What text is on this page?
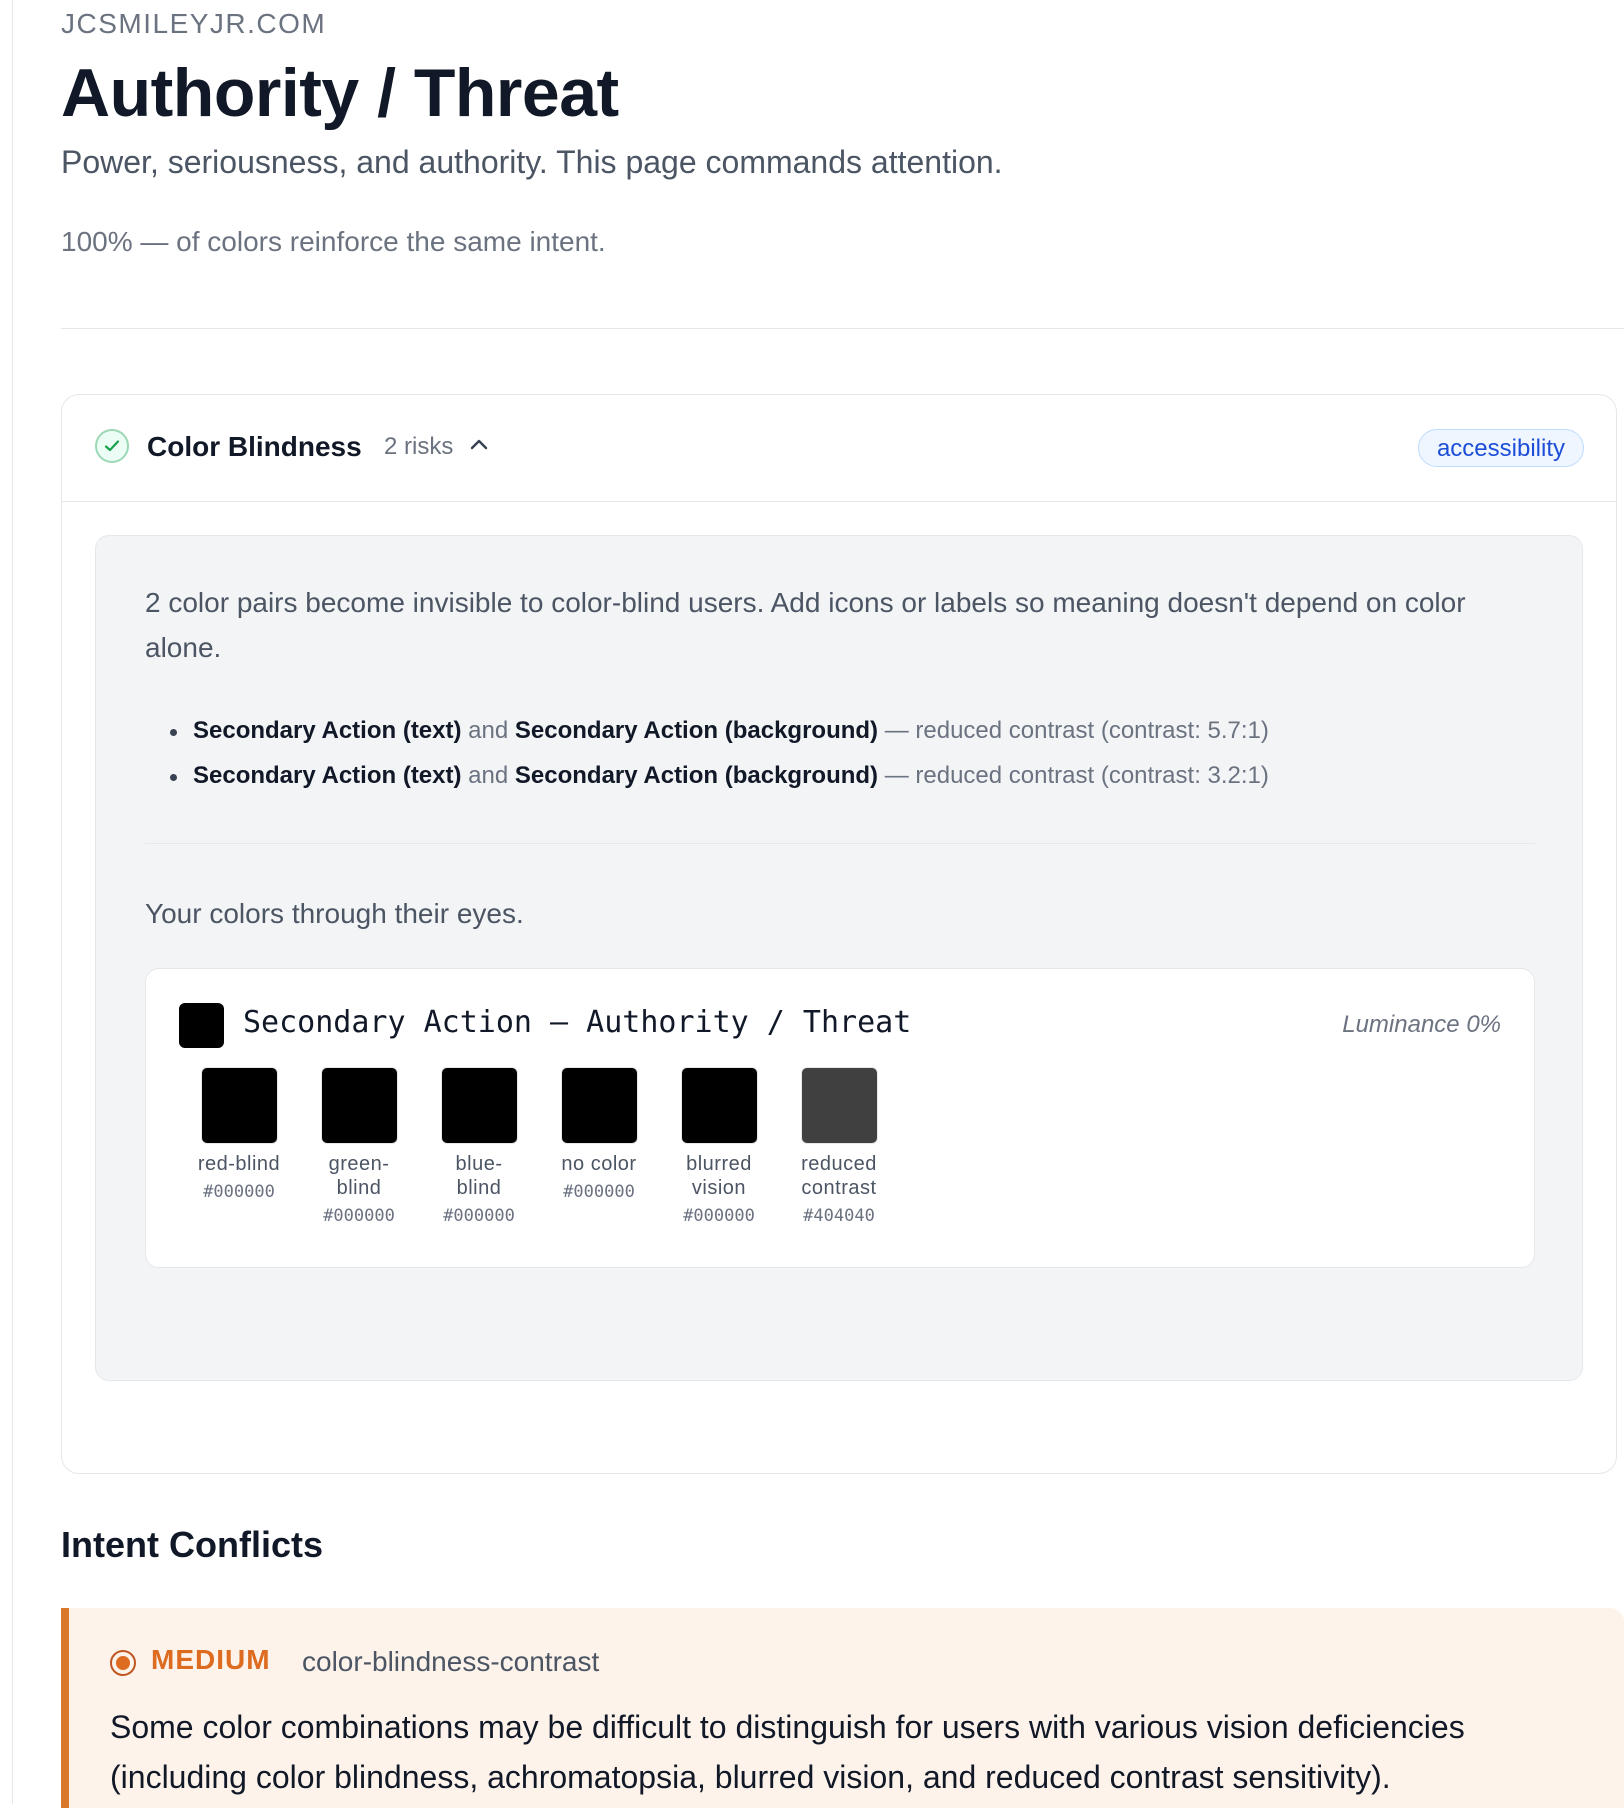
JCSMILEYJR.COM
Authority / Threat
Power, seriousness, and authority. This page commands attention.
100% — of colors reinforce the same intent.
Color Blindness 2 risks	accessibility
2 color pairs become invisible to color-blind users. Add icons or labels so meaning doesn't depend on color alone.
Secondary Action (text) and Secondary Action (background) — reduced contrast (contrast: 5.7:1)
Secondary Action (text) and Secondary Action (background) — reduced contrast (contrast: 3.2:1)
Your colors through their eyes.
Secondary Action — Authority / Threat	Luminance 0%
red-blind

#000000
green-
blind
#000000
blue-
blind
#000000
no color

#000000
blurred
vision
#000000
reduced
contrast
#404040
Intent Conflicts
MEDIUM color-blindness-contrast
Some color combinations may be difficult to distinguish for users with various vision deficiencies (including color blindness, achromatopsia, blurred vision, and reduced contrast sensitivity).
